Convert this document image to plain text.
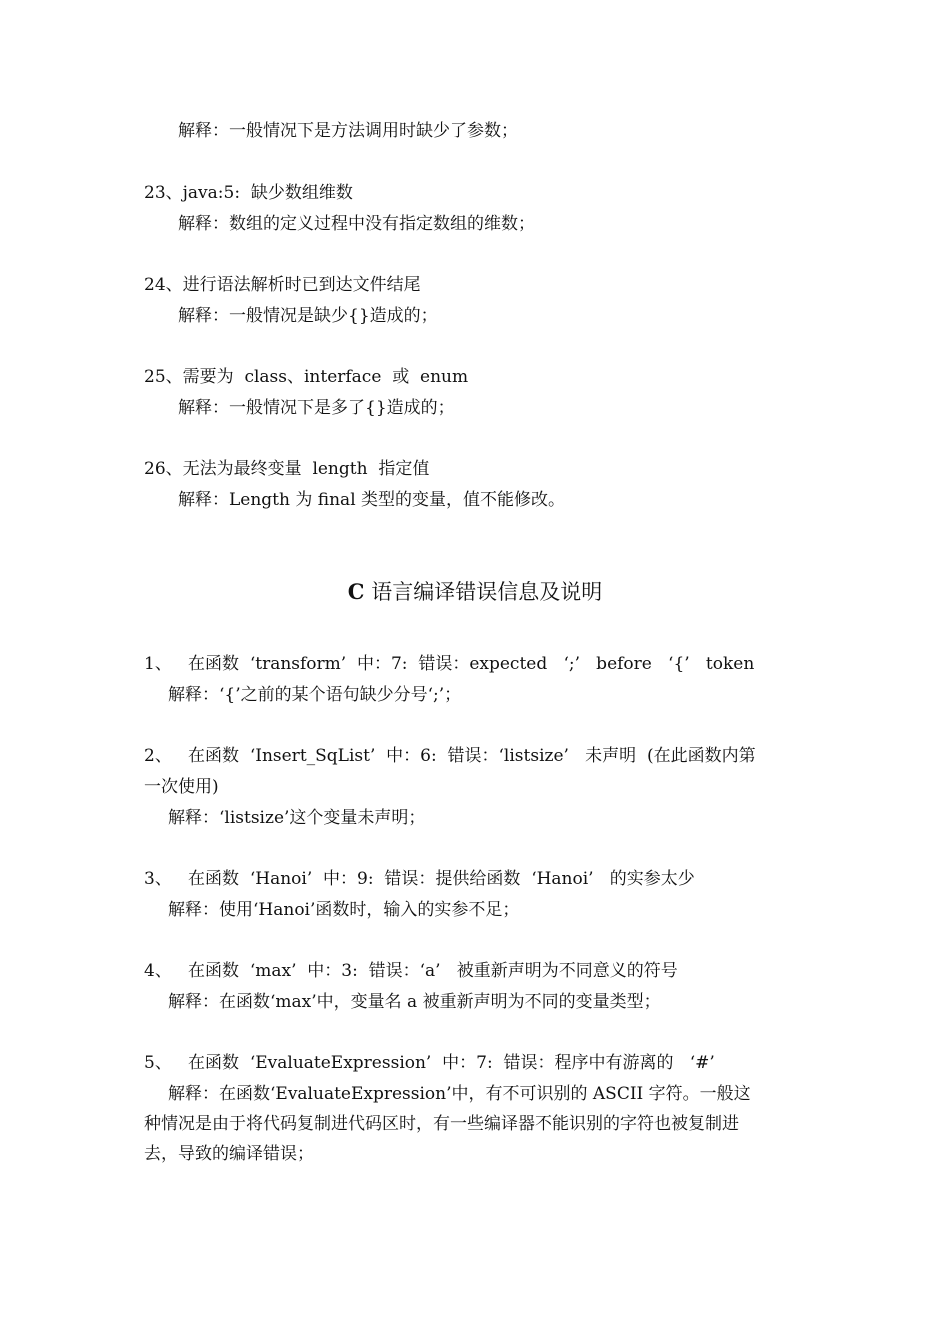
解释：一般情况下是方法调用时缺少了参数；
23、java:5:  缺少数组维数
解释：数组的定义过程中没有指定数组的维数；
24、进行语法解析时已到达文件结尾
解释：一般情况是缺少{}造成的；
25、需要为  class、interface  或  enum
解释：一般情况下是多了{}造成的；
26、无法为最终变量  length  指定值
解释：Length 为 final 类型的变量，值不能修改。
C 语言编译错误信息及说明
1、   在函数  ‘transform’  中：7:  错误：expected   ‘;’   before   ‘{’   token
解释：‘{’之前的某个语句缺少分号‘;’；
2、   在函数  ‘Insert_SqList’  中：6:  错误：‘listsize’   未声明  (在此函数内第
一次使用)
解释：‘listsize’这个变量未声明；
3、   在函数  ‘Hanoi’  中：9:  错误：提供给函数  ‘Hanoi’   的实参太少
解释：使用‘Hanoi’函数时，输入的实参不足；
4、   在函数  ‘max’  中：3:  错误：‘a’   被重新声明为不同意义的符号
解释：在函数‘max’中，变量名 a 被重新声明为不同的变量类型；
5、   在函数  ‘EvaluateExpression’  中：7:  错误：程序中有游离的   ‘#’
解释：在函数‘EvaluateExpression’中，有不可识别的 ASCII 字符。一般这
种情况是由于将代码复制进代码区时，有一些编译器不能识别的字符也被复制进
去，导致的编译错误；
